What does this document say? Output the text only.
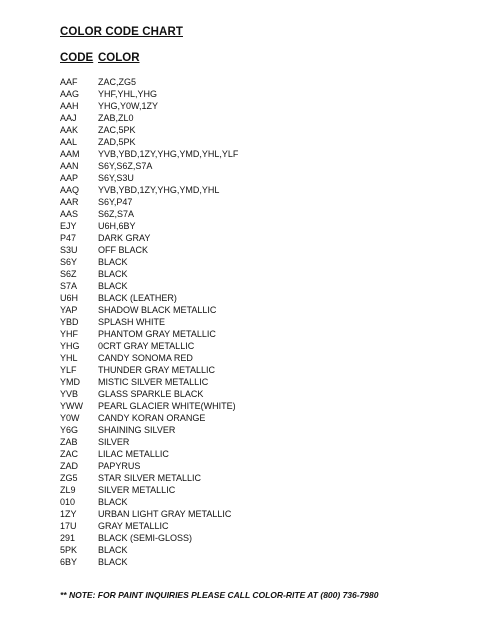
COLOR CODE CHART
CODE COLOR
AAF ZAC,ZG5
AAG YHF,YHL,YHG
AAH YHG,Y0W,1ZY
AAJ ZAB,ZL0
AAK ZAC,5PK
AAL ZAD,5PK
AAM YVB,YBD,1ZY,YHG,YMD,YHL,YLF
AAN S6Y,S6Z,S7A
AAP S6Y,S3U
AAQ YVB,YBD,1ZY,YHG,YMD,YHL
AAR S6Y,P47
AAS S6Z,S7A
EJY U6H,6BY
P47 DARK GRAY
S3U OFF BLACK
S6Y BLACK
S6Z BLACK
S7A BLACK
U6H BLACK (LEATHER)
YAP SHADOW BLACK METALLIC
YBD SPLASH WHITE
YHF PHANTOM GRAY METALLIC
YHG 0CRT GRAY METALLIC
YHL CANDY SONOMA RED
YLF THUNDER GRAY METALLIC
YMD MISTIC SILVER METALLIC
YVB GLASS SPARKLE BLACK
YWW PEARL GLACIER WHITE(WHITE)
Y0W CANDY KORAN ORANGE
Y6G SHAINING SILVER
ZAB SILVER
ZAC LILAC METALLIC
ZAD PAPYRUS
ZG5 STAR SILVER METALLIC
ZL9 SILVER METALLIC
010	BLACK
1ZY URBAN LIGHT GRAY METALLIC
17U GRAY METALLIC
291	BLACK (SEMI-GLOSS)
5PK BLACK
6BY BLACK
** NOTE: FOR PAINT INQUIRIES PLEASE CALL COLOR-RITE AT (800) 736-7980
